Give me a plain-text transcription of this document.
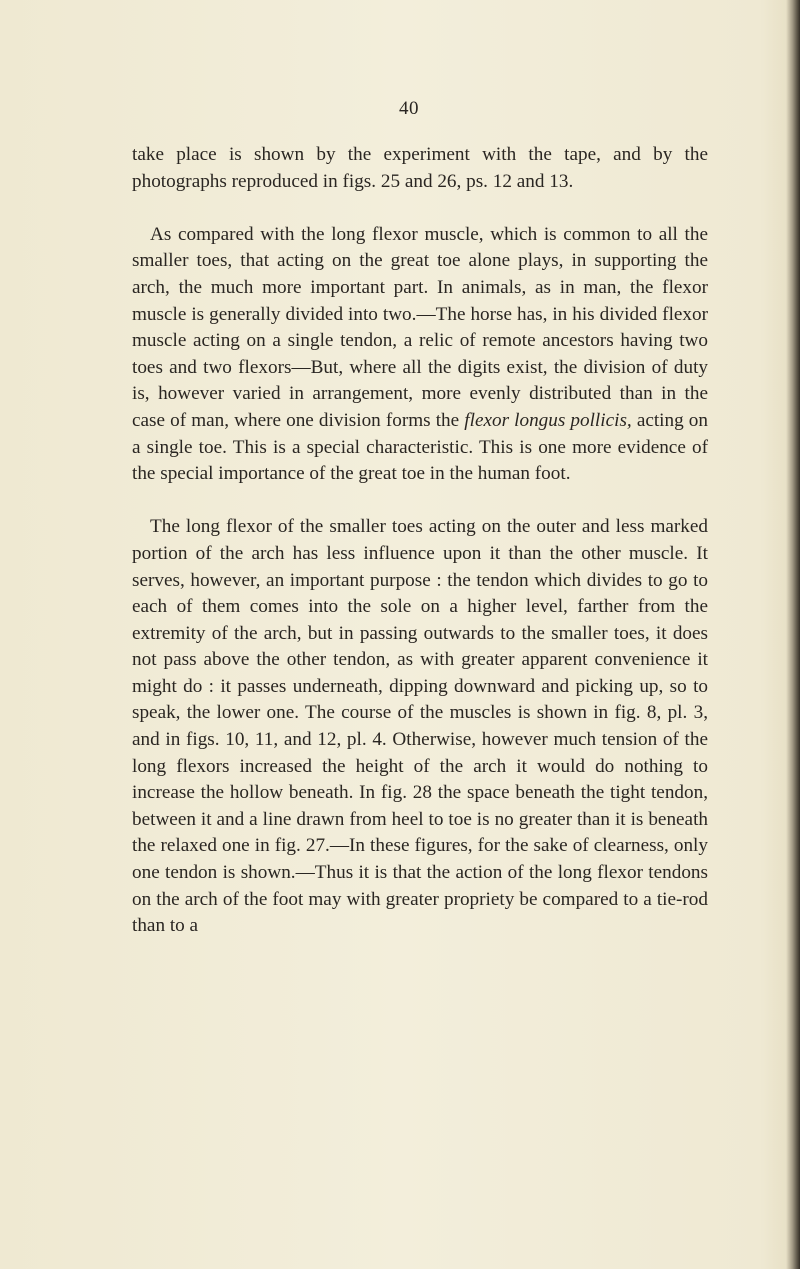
40

take place is shown by the experiment with the tape, and by the photographs reproduced in figs. 25 and 26, ps. 12 and 13.

As compared with the long flexor muscle, which is common to all the smaller toes, that acting on the great toe alone plays, in supporting the arch, the much more important part. In animals, as in man, the flexor muscle is generally divided into two.—The horse has, in his divided flexor muscle acting on a single tendon, a relic of remote ancestors having two toes and two flexors—But, where all the digits exist, the division of duty is, however varied in arrangement, more evenly distributed than in the case of man, where one division forms the flexor longus pollicis, acting on a single toe. This is a special characteristic. This is one more evidence of the special importance of the great toe in the human foot.

The long flexor of the smaller toes acting on the outer and less marked portion of the arch has less influence upon it than the other muscle. It serves, however, an important purpose : the tendon which divides to go to each of them comes into the sole on a higher level, farther from the extremity of the arch, but in passing outwards to the smaller toes, it does not pass above the other tendon, as with greater apparent convenience it might do : it passes underneath, dipping downward and picking up, so to speak, the lower one. The course of the muscles is shown in fig. 8, pl. 3, and in figs. 10, 11, and 12, pl. 4. Otherwise, however much tension of the long flexors increased the height of the arch it would do nothing to increase the hollow beneath. In fig. 28 the space beneath the tight tendon, between it and a line drawn from heel to toe is no greater than it is beneath the relaxed one in fig. 27.—In these figures, for the sake of clearness, only one tendon is shown.—Thus it is that the action of the long flexor tendons on the arch of the foot may with greater propriety be compared to a tie-rod than to a
